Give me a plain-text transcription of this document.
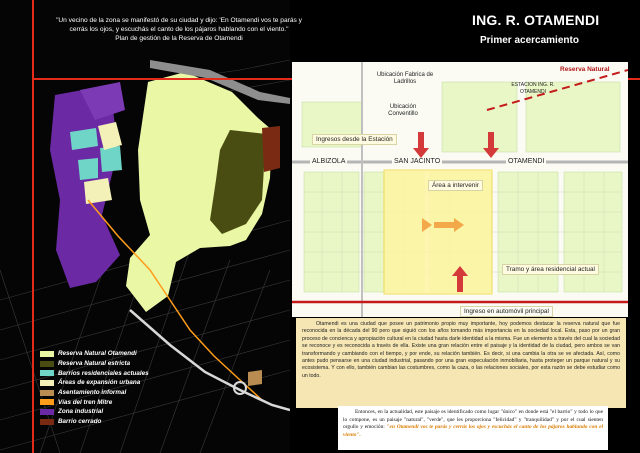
"Un vecino de la zona se manifestó de su ciudad y dijo: 'En Otamendi vos te parás y cerrás los ojos, y escuchás el canto de los pájaros hablando con el viento."
Plan de gestión de la Reserva de Otamendi
ING. R. OTAMENDI
Primer acercamiento
Ubicación Fabrica de Ladrillos
Ubicación Conventillo
ESTACION ING. R. OTAMENDI
Reserva Natural
Ingresos desde la Estación
ALBIZOLA	SAN JACINTO	OTAMENDI
Área a intervenir
Tramo y área residencial actual
Ingreso en automóvil principal
Reserva Natural Otamendi
Reserva Natural estricta
Barrios residenciales actuales
Áreas de expansión urbana
Asentamiento informal
Vías del tren Mitre
Zona industrial
Barrio cerrado
Otamendi es una ciudad que posee un patrimonio propio muy importante, hoy podemos destacar la reserva natural que fue reconocida en la década del 90 pero que siguió con los años tomando más importancia en la sociedad local. Esta, paso por un gran proceso de concienca y apropiación cultural en la ciudad hasta darle identidad a la misma. Fue un elemento a través del cual la sociedad se reconoce y es reconocida a través de ella. Existe una gran relación entre el paisaje y la identidad de la ciudad, pero ambos se van transformando y cambiando con el tiempo, y por ende, su relación también. Es decir, si una cambia la otra se ve afectada. Así, como antes pudo pensarse en una ciudad industrial, pasando por una gran especulación inmobiliaria, hasta proteger un parque natural y su ecosistema. Y con ello, también cambian las costumbres, como la caza, o las relaciones sociales, por esta razón se debe estudiar como un todo.
Entonces, en la actualidad, este paisaje es identificado como lugar "único" en donde está "el barrio" y todo lo que lo compone, es un paisaje "natural", "verde", que les proporciona "felicidad" y "tranquilidad" y por el cual sienten orgullo y emoción: "en Otamendi vos te parás y cerrás los ojos y escuchás el canto de los pájaros hablando con el viento".
